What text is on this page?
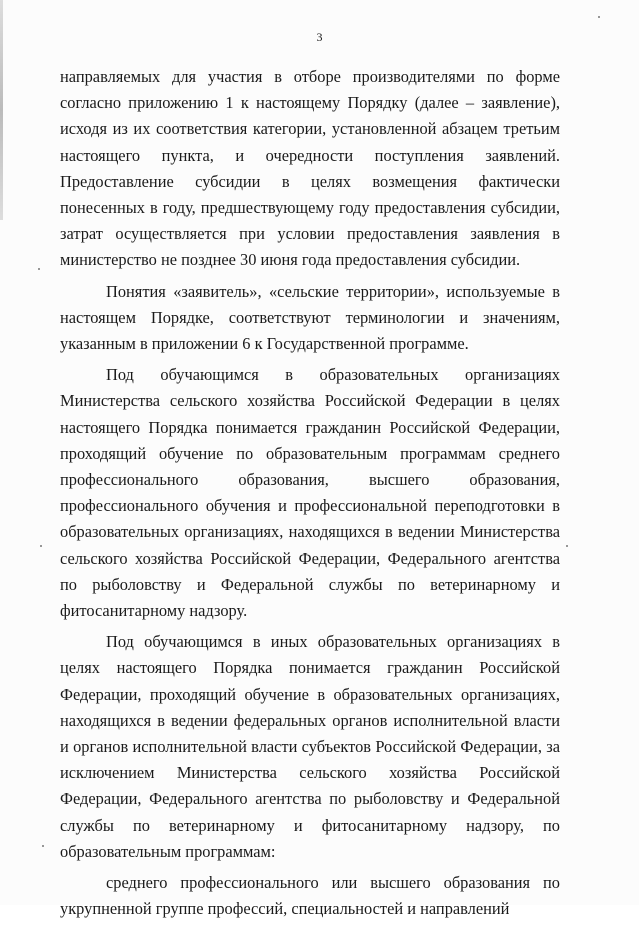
3

направляемых для участия в отборе производителями по форме согласно приложению 1 к настоящему Порядку (далее – заявление), исходя из их соответствия категории, установленной абзацем третьим настоящего пункта, и очередности поступления заявлений. Предоставление субсидии в целях возмещения фактически понесенных в году, предшествующему году предоставления субсидии, затрат осуществляется при условии предоставления заявления в министерство не позднее 30 июня года предоставления субсидии.

Понятия «заявитель», «сельские территории», используемые в настоящем Порядке, соответствуют терминологии и значениям, указанным в приложении 6 к Государственной программе.

Под обучающимся в образовательных организациях Министерства сельского хозяйства Российской Федерации в целях настоящего Порядка понимается гражданин Российской Федерации, проходящий обучение по образовательным программам среднего профессионального образования, высшего образования, профессионального обучения и профессиональной переподготовки в образовательных организациях, находящихся в ведении Министерства сельского хозяйства Российской Федерации, Федерального агентства по рыболовству и Федеральной службы по ветеринарному и фитосанитарному надзору.

Под обучающимся в иных образовательных организациях в целях настоящего Порядка понимается гражданин Российской Федерации, проходящий обучение в образовательных организациях, находящихся в ведении федеральных органов исполнительной власти и органов исполнительной власти субъектов Российской Федерации, за исключением Министерства сельского хозяйства Российской Федерации, Федерального агентства по рыболовству и Федеральной службы по ветеринарному и фитосанитарному надзору, по образовательным программам:

среднего профессионального или высшего образования по укрупненной группе профессий, специальностей и направлений
